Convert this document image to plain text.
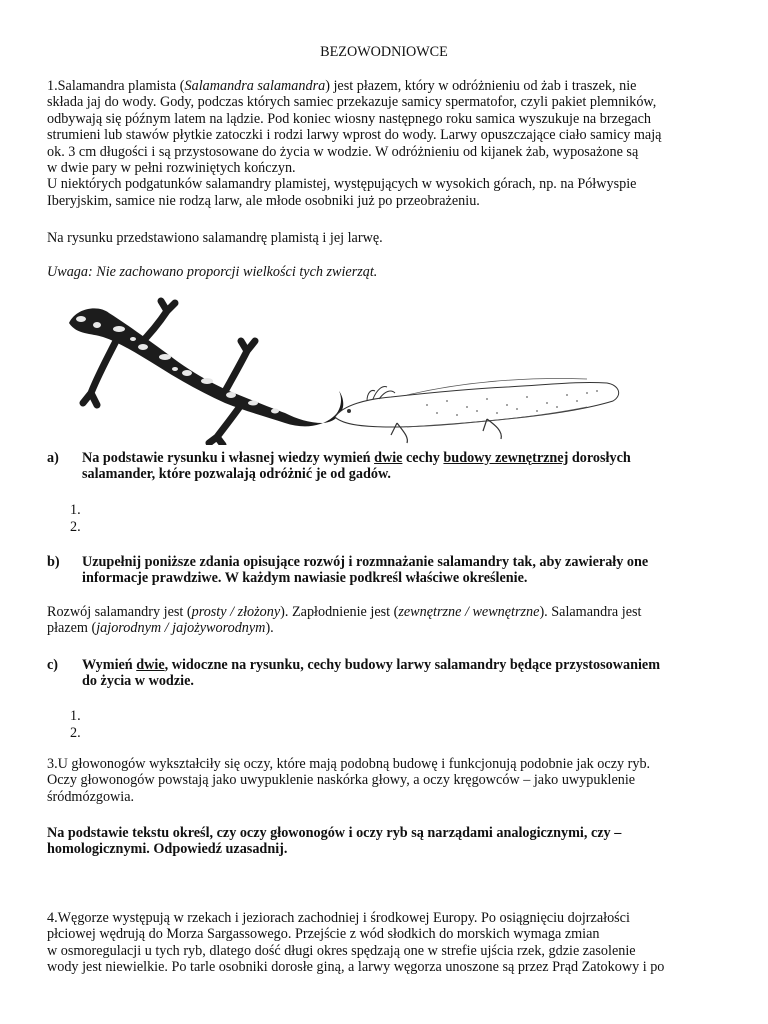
BEZOWODNIOWCE
1.Salamandra plamista (Salamandra salamandra) jest płazem, który w odróżnieniu od żab i traszek, nie
składa jaj do wody. Gody, podczas których samiec przekazuje samicy spermatofor, czyli pakiet plemników,
odbywają się późnym latem na lądzie. Pod koniec wiosny następnego roku samica wyszukuje na brzegach
strumieni lub stawów płytkie zatoczki i rodzi larwy wprost do wody. Larwy opuszczające ciało samicy mają
ok. 3 cm długości i są przystosowane do życia w wodzie. W odróżnieniu od kijanek żab, wyposażone są
w dwie pary w pełni rozwiniętych kończyn.
U niektórych podgatunków salamandry plamistej, występujących w wysokich górach, np. na Półwyspie
Iberyjskim, samice nie rodzą larw, ale młode osobniki już po przeobrażeniu.
Na rysunku przedstawiono salamandrę plamistą i jej larwę.
Uwaga: Nie zachowano proporcji wielkości tych zwierząt.
a) Na podstawie rysunku i własnej wiedzy wymień dwie cechy budowy zewnętrznej dorosłych
salamander, które pozwalają odróżnić je od gadów.
1.
2.
b) Uzupełnij poniższe zdania opisujące rozwój i rozmnażanie salamandry tak, aby zawierały one
informacje prawdziwe. W każdym nawiasie podkreśl właściwe określenie.
Rozwój salamandry jest (prosty / złożony). Zapłodnienie jest (zewnętrzne / wewnętrzne). Salamandra jest
płazem (jajorodnym / jajożyworodnym).
c) Wymień dwie, widoczne na rysunku, cechy budowy larwy salamandry będące przystosowaniem
do życia w wodzie.
1.
2.
3.U głowonogów wykształciły się oczy, które mają podobną budowę i funkcjonują podobnie jak oczy ryb.
Oczy głowonogów powstają jako uwypuklenie naskórka głowy, a oczy kręgowców – jako uwypuklenie
śródmózgowia.
Na podstawie tekstu określ, czy oczy głowonogów i oczy ryb są narządami analogicznymi, czy –
homologicznymi. Odpowiedź uzasadnij.
4.Węgorze występują w rzekach i jeziorach zachodniej i środkowej Europy. Po osiągnięciu dojrzałości
płciowej wędrują do Morza Sargassowego. Przejście z wód słodkich do morskich wymaga zmian
w osmoregulacji u tych ryb, dlatego dość długi okres spędzają one w strefie ujścia rzek, gdzie zasolenie
wody jest niewielkie. Po tarle osobniki dorosłe giną, a larwy węgorza unoszone są przez Prąd Zatokowy i po
